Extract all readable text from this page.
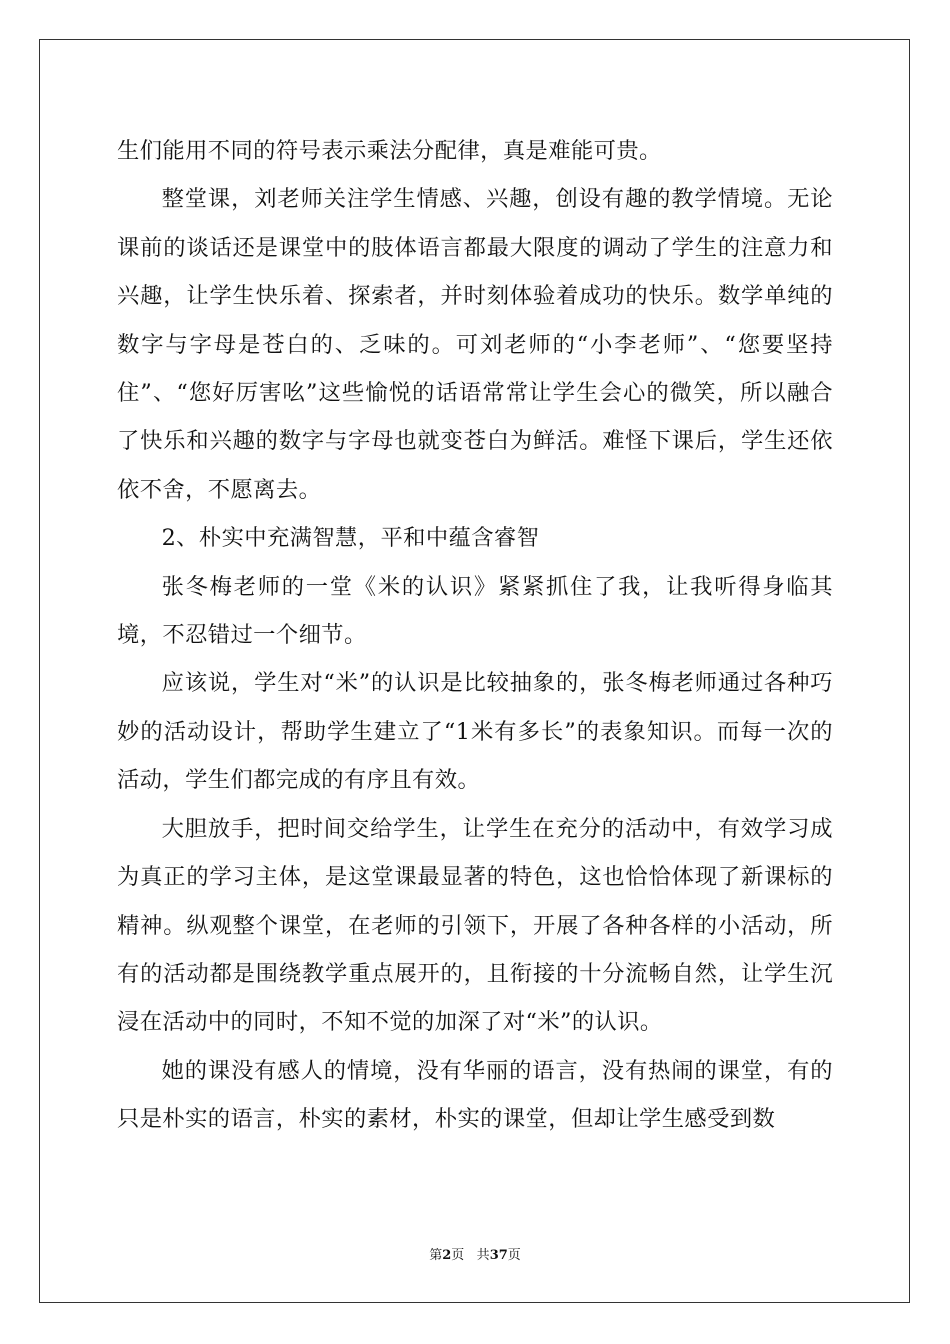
生们能用不同的符号表示乘法分配律，真是难能可贵。

整堂课，刘老师关注学生情感、兴趣，创设有趣的教学情境。无论课前的谈话还是课堂中的肢体语言都最大限度的调动了学生的注意力和兴趣，让学生快乐着、探索者，并时刻体验着成功的快乐。数学单纯的数字与字母是苍白的、乏味的。可刘老师的“小李老师”、“您要坚持住”、“您好厉害吆”这些愉悦的话语常常让学生会心的微笑，所以融合了快乐和兴趣的数字与字母也就变苍白为鲜活。难怪下课后，学生还依依不舍，不愿离去。

2、朴实中充满智慧，平和中蕴含睿智

张冬梅老师的一堂《米的认识》紧紧抓住了我，让我听得身临其境，不忍错过一个细节。

应该说，学生对“米”的认识是比较抽象的，张冬梅老师通过各种巧妙的活动设计，帮助学生建立了“1米有多长”的表象知识。而每一次的活动，学生们都完成的有序且有效。

大胆放手，把时间交给学生，让学生在充分的活动中，有效学习成为真正的学习主体，是这堂课最显著的特色，这也恰恰体现了新课标的精神。纵观整个课堂，在老师的引领下，开展了各种各样的小活动，所有的活动都是围绕教学重点展开的，且衔接的十分流畅自然，让学生沉浸在活动中的同时，不知不觉的加深了对“米”的认识。

她的课没有感人的情境，没有华丽的语言，没有热闹的课堂，有的只是朴实的语言，朴实的素材，朴实的课堂，但却让学生感受到数

第2页 共37页
